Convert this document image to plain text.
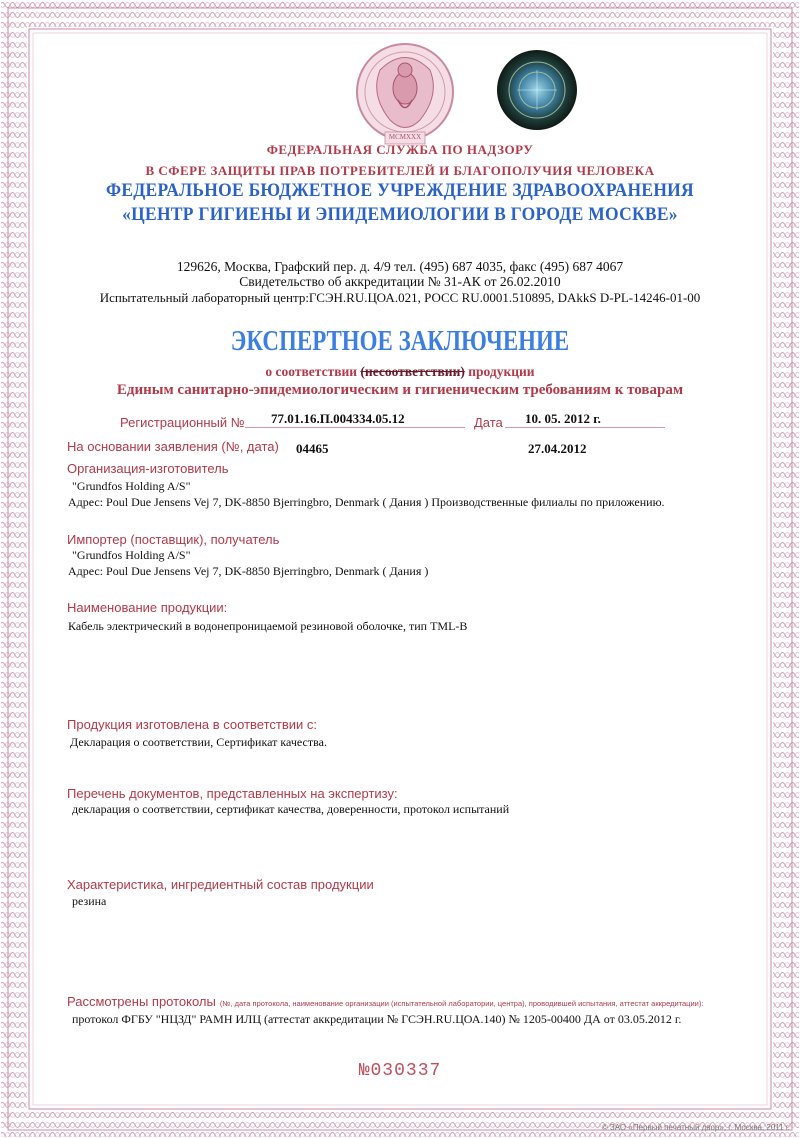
MCMXXX
ФЕДЕРАЛЬНАЯ СЛУЖБА ПО НАДЗОРУ
В СФЕРЕ ЗАЩИТЫ ПРАВ ПОТРЕБИТЕЛЕЙ И БЛАГОПОЛУЧИЯ ЧЕЛОВЕКА
ФЕДЕРАЛЬНОЕ БЮДЖЕТНОЕ УЧРЕЖДЕНИЕ ЗДРАВООХРАНЕНИЯ
«ЦЕНТР ГИГИЕНЫ И ЭПИДЕМИОЛОГИИ В ГОРОДЕ МОСКВЕ»
129626, Москва, Графский пер. д. 4/9 тел. (495) 687 4035, факс (495) 687 4067
Свидетельство об аккредитации № 31-АК от 26.02.2010
Испытательный лабораторный центр:ГСЭН.RU.ЦОА.021, РОСС RU.0001.510895, DAkkS D-PL-14246-01-00
ЭКСПЕРТНОЕ ЗАКЛЮЧЕНИЕ
о соответствии (несоответствии) продукции
Единым санитарно-эпидемиологическим и гигиеническим требованиям к товарам
Регистрационный №	77.01.16.П.004334.05.12	Дата	10. 05. 2012 г.
На основании заявления (№, дата) 04465	27.04.2012
Организация-изготовитель
"Grundfos Holding A/S"
Адрес: Poul Due Jensens Vej 7, DK-8850 Bjerringbro, Denmark ( Дания ) Производственные филиалы по приложению.
Импортер (поставщик), получатель
"Grundfos Holding A/S"
Адрес: Poul Due Jensens Vej 7, DK-8850 Bjerringbro, Denmark ( Дания )
Наименование продукции:
Кабель электрический в водонепроницаемой резиновой оболочке, тип TML-B
Продукция изготовлена в соответствии с:
Декларация о соответствии, Сертификат качества.
Перечень документов, представленных на экспертизу:
декларация о соответствии, сертификат качества, доверенности, протокол испытаний
Характеристика, ингредиентный состав продукции
резина
Рассмотрены протоколы (№, дата протокола, наименование организации (испытательной лаборатории, центра), проводившей испытания, аттестат аккредитации):
протокол ФГБУ "НЦЗД" РАМН ИЛЦ (аттестат аккредитации № ГСЭН.RU.ЦОА.140) № 1205-00400 ДА от 03.05.2012 г.
№030337
© ЗАО «Первый печатный двор», г. Москва, 2011 г.
